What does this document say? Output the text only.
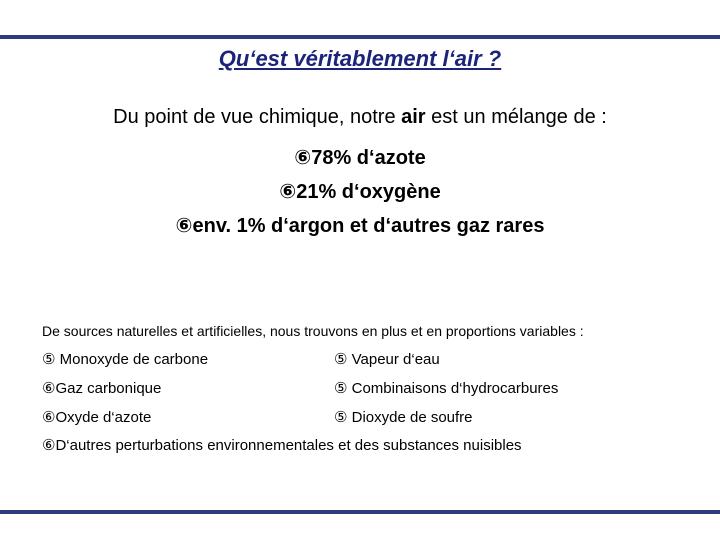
Qu‘est véritablement l‘air ?
Du point de vue chimique, notre air est un mélange de :
⑥78% d‘azote
⑥21% d‘oxygène
⑥env. 1% d‘argon et d‘autres gaz rares
De sources naturelles et artificielles, nous trouvons en plus et en proportions variables :
⑤ Monoxyde de carbone	⑤ Vapeur d‘eau
⑥Gaz carbonique	⑤ Combinaisons d‘hydrocarbures
⑥Oxyde d‘azote	⑤ Dioxyde de soufre
⑥D‘autres perturbations environnementales et des substances nuisibles
